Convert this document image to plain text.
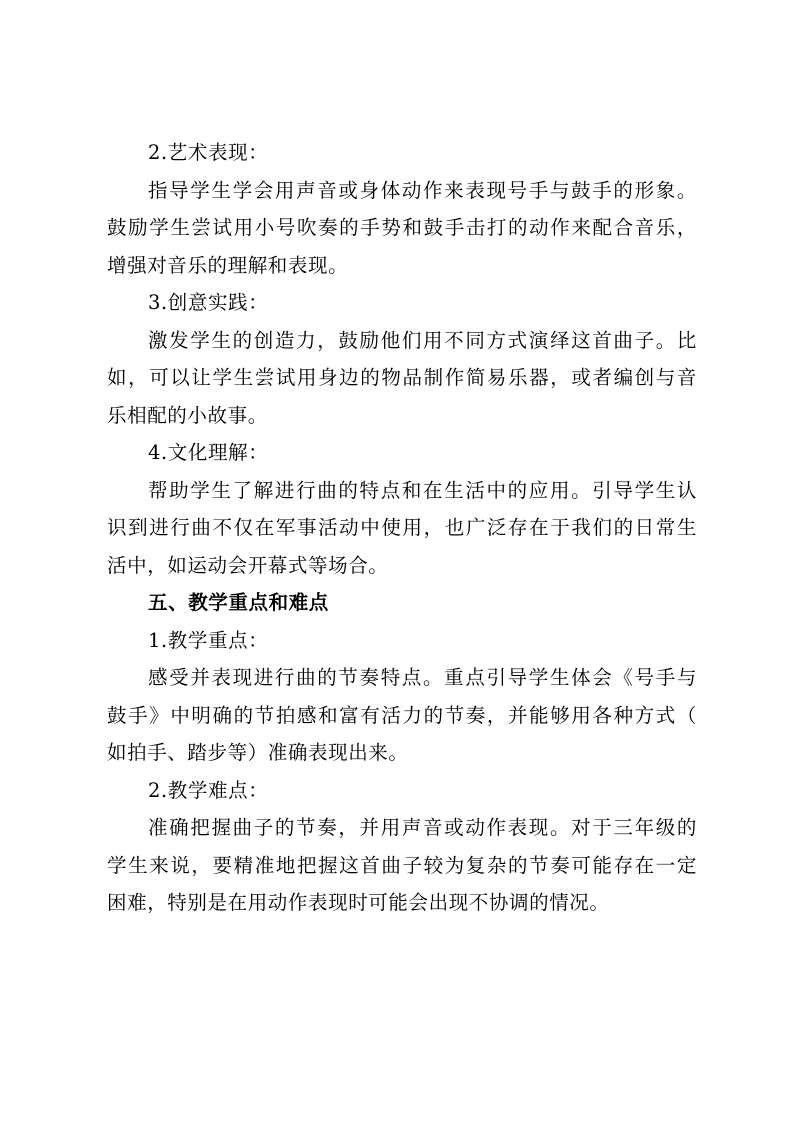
2.艺术表现：
指导学生学会用声音或身体动作来表现号手与鼓手的形象。
鼓励学生尝试用小号吹奏的手势和鼓手击打的动作来配合音乐，
增强对音乐的理解和表现。
3.创意实践：
激发学生的创造力，鼓励他们用不同方式演绎这首曲子。比
如，可以让学生尝试用身边的物品制作简易乐器，或者编创与音
乐相配的小故事。
4.文化理解：
帮助学生了解进行曲的特点和在生活中的应用。引导学生认
识到进行曲不仅在军事活动中使用，也广泛存在于我们的日常生
活中，如运动会开幕式等场合。
五、教学重点和难点
1.教学重点：
感受并表现进行曲的节奏特点。重点引导学生体会《号手与
鼓手》中明确的节拍感和富有活力的节奏，并能够用各种方式（
如拍手、踏步等）准确表现出来。
2.教学难点：
准确把握曲子的节奏，并用声音或动作表现。对于三年级的
学生来说，要精准地把握这首曲子较为复杂的节奏可能存在一定
困难，特别是在用动作表现时可能会出现不协调的情况。
